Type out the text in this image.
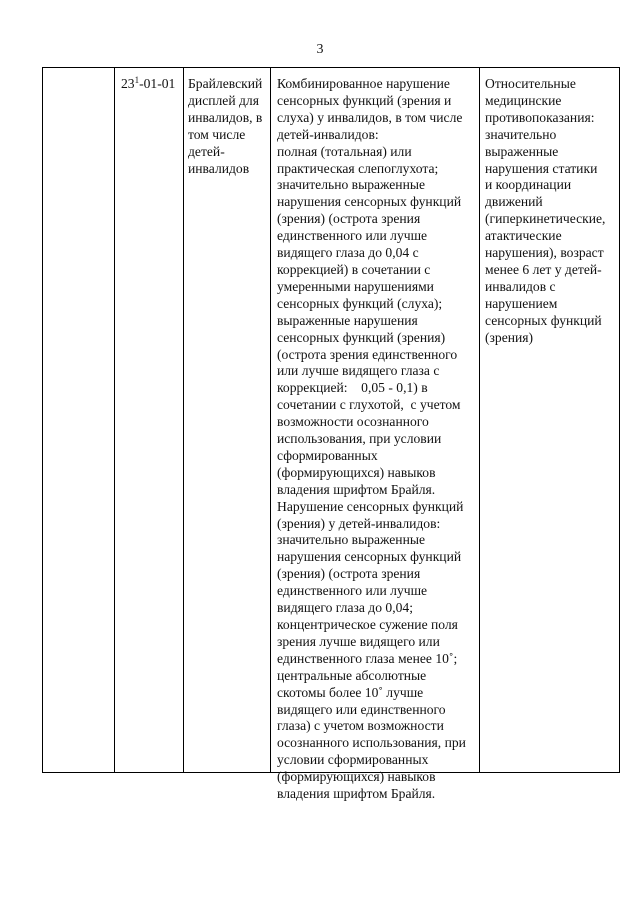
3
$23^1-01-01$ Брайлевский
дисплей для
инвалидов, в
том числе
детей-
инвалидов
Комбинированное нарушение
сенсорных функций (зрения и
слуха) у инвалидов, в том числе
детей-инвалидов:
полная (тотальная) или
практическая слепоглухота;
значительно выраженные
нарушения сенсорных функций
(зрения) (острота зрения
единственного или лучше
видящего глаза до 0,04 с
коррекцией) в сочетании с
умеренными нарушениями
сенсорных функций (слуха);
выраженные нарушения
сенсорных функций (зрения)
(острота зрения единственного
или лучше видящего глаза с
коррекцией:    0,05 - 0,1) в
сочетании с глухотой,  с учетом
возможности осознанного
использования, при условии
сформированных
(формирующихся) навыков
владения шрифтом Брайля.
Нарушение сенсорных функций
(зрения) у детей-инвалидов:
значительно выраженные
нарушения сенсорных функций
(зрения) (острота зрения
единственного или лучше
видящего глаза до 0,04;
концентрическое сужение поля
зрения лучше видящего или
единственного глаза менее 10˚;
центральные абсолютные
скотомы более 10˚ лучше
видящего или единственного
глаза) с учетом возможности
осознанного использования, при
условии сформированных
(формирующихся) навыков
владения шрифтом Брайля.
Относительные
медицинские
противопоказания:
значительно
выраженные
нарушения статики
и координации
движений
(гиперкинетические,
атактические
нарушения), возраст
менее 6 лет у детей-
инвалидов с
нарушением
сенсорных функций
(зрения)
